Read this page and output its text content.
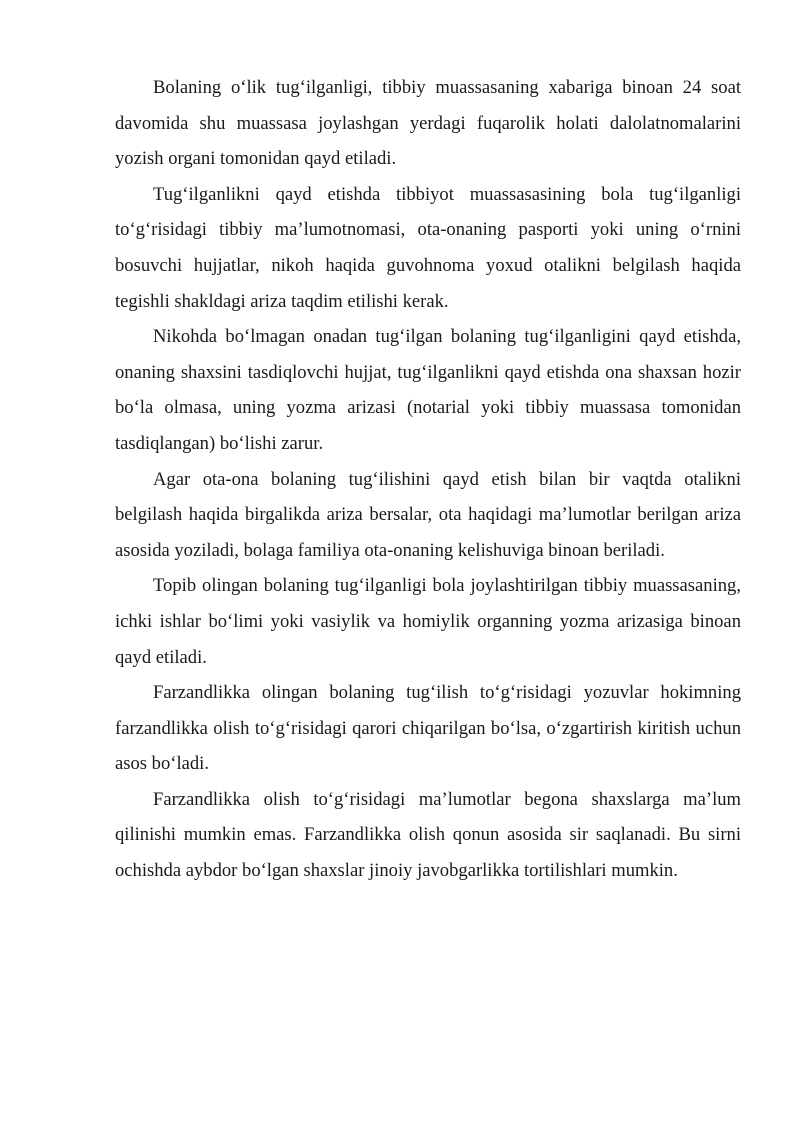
Bolaning o‘lik tug‘ilganligi, tibbiy muassasaning xabariga binoan 24 soat davomida shu muassasa joylashgan yerdagi fuqarolik holati dalolatnomalarini yozish organi tomonidan qayd etiladi.

Tug‘ilganlikni qayd etishda tibbiyot muassasasining bola tug‘ilganligi to‘g‘risidagi tibbiy ma’lumotnomasi, ota-onaning pasporti yoki uning o‘rnini bosuvchi hujjatlar, nikoh haqida guvohnoma yoxud otalikni belgilash haqida tegishli shakldagi ariza taqdim etilishi kerak.

Nikohda bo‘lmagan onadan tug‘ilgan bolaning tug‘ilganligini qayd etishda, onaning shaxsini tasdiqlovchi hujjat, tug‘ilganlikni qayd etishda ona shaxsan hozir bo‘la olmasa, uning yozma arizasi (notarial yoki tibbiy muassasa tomonidan tasdiqlangan) bo‘lishi zarur.

Agar ota-ona bolaning tug‘ilishini qayd etish bilan bir vaqtda otalikni belgilash haqida birgalikda ariza bersalar, ota haqidagi ma’lumotlar berilgan ariza asosida yoziladi, bolaga familiya ota-onaning kelishuviga binoan beriladi.

Topib olingan bolaning tug‘ilganligi bola joylashtirilgan tibbiy muassasaning, ichki ishlar bo‘limi yoki vasiylik va homiylik organning yozma arizasiga binoan qayd etiladi.

Farzandlikka olingan bolaning tug‘ilish to‘g‘risidagi yozuvlar hokimning farzandlikka olish to‘g‘risidagi qarori chiqarilgan bo‘lsa, o‘zgartirish kiritish uchun asos bo‘ladi.

Farzandlikka olish to‘g‘risidagi ma’lumotlar begona shaxslarga ma’lum qilinishi mumkin emas. Farzandlikka olish qonun asosida sir saqlanadi. Bu sirni ochishda aybdor bo‘lgan shaxslar jinoiy javobgarlikka tortilishlari mumkin.
